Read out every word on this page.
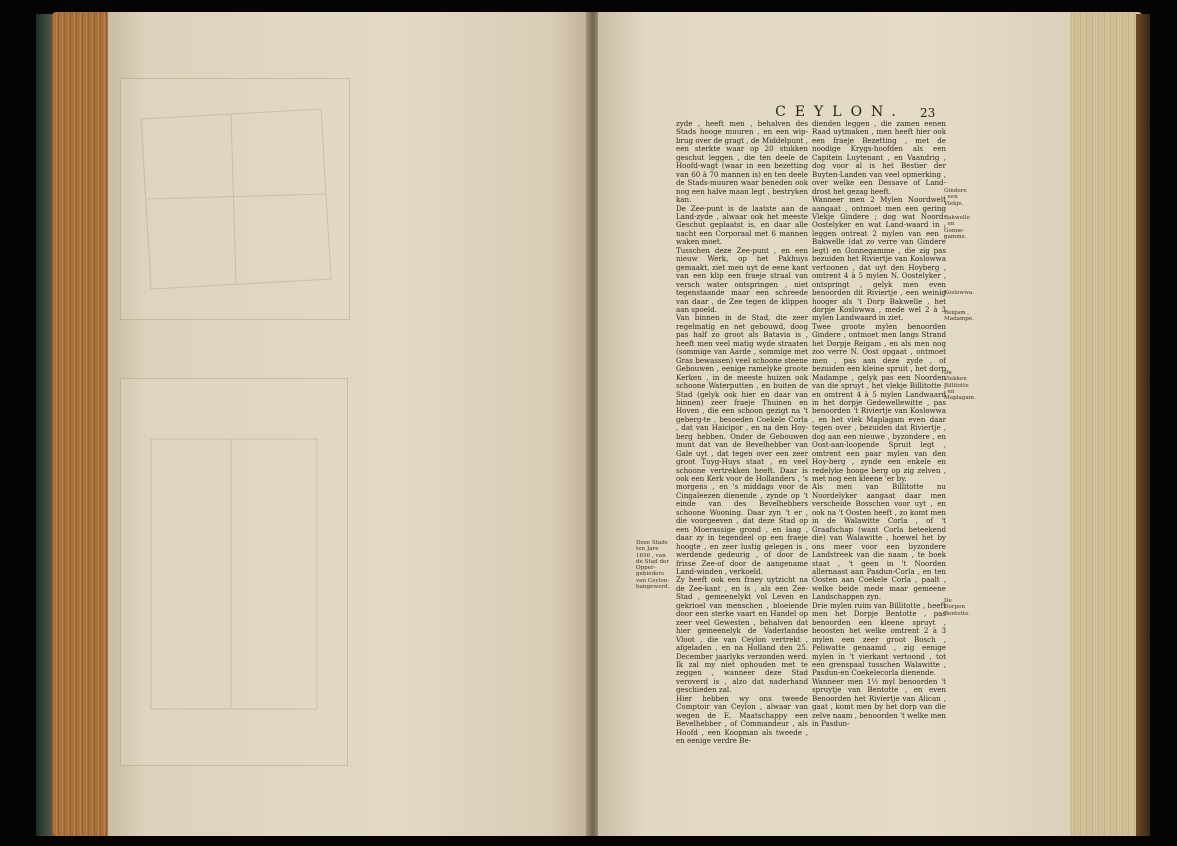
CEYLON.	23

zyde , heeft men , behalven des Stads hooge muuren , en een wip-brug over de gragt , de Middelpunt , een sterkte waar op 20 stukken geschut leggen , die ten deele de Hoofd-wagt (waar in een bezetting van 60 à 70 mannen is) en ten deele de Stads-muuren waar beneden ook nog een halve maan legt , bestryken kan.

De Zee-punt is de laatste aan de Land-zyde , alwaar ook het meeste Geschut geplaatst is, en daar alle nacht een Corporaal met 6 mannen waken moet.

Tusschen deze Zee-punt , en een nieuw Werk, op het Pakhuys gemaakt, ziet men uyt de eene kant van een klip een fraeje straal van versch water ontspringen , niet tegenstaande maar een schreede van daar , de Zee tegen de klippen aan spoeld.

Van binnen in de Stad, die zeer regelmatig en net gebouwd, doog pas half zo groot als Batavia is , heeft men veel matig wyde straaten (sommige van Aarde , sommige met Gras bewassen) veel schoone steene Gebouwen , eenige ramelyke groote Kerken , in de meeste huizen ook schoone Waterputten , en buiten de Stad (gelyk ook hier en daar van binnen) zeer fraeje Thuinen en Hoven , die een schoon gezigt na 't geberg-te , besoeden Coekele Corla , dat van Haicipor , en na den Hoy-berg hebben. Onder de Gebouwen munt dat van de Bevelhebber van Gale uyt , dat tegen over een zeer groot Tuyg-Huys staat , en veel schoone vertrekken heeft. Daar is ook een Kerk voor de Hollanders , 's morgens , en 's middags voor de Cingaleezen dienende , zynde op 't einde van des Bevelhebbers schoone Wooning. Daar zyn 't er , die voorgeeven , dat deze Stad op een Moerassige grond , en laag , daar zy in tegendeel op een fraeje hoogte , en zeer lustig gelegen is , werdende gedeurig , of door de frisse Zee-of door de aangename Land-winden , verkoeld.

Zy heeft ook een fraey uytzicht na de Zee-kant , en is , als een Zee-Stad , gemeenelykt vol Leven en gekrioel van menschen , bloeiende door een sterke vaart en Handel op zeer veel Gewesten , behalven dat hier gemeenelyk de Vaderlandse Vloot , die van Ceylon vertrekt , afgeladen , en na Holland den 25. December jaarlyks verzonden werd. Ik zal my niet ophouden met te zeggen , wanneer deze Stad veroverd is , alzo dat naderhand geschieden zal.

Hier hebben wy ons tweede Comptoir van Ceylon , alwaar van wegen de E. Maatschappy een Bevelhebber , of Commandeur , als Hoofd , een Koopman als tweede , en eenige verdre Be-

dienden leggen , die zamen eenen Raad uytmaken , men heeft hier ook een fraeje Bezetting , met de noodige Krygs-hoofden als een Capitein Luytenant , en Vaandrig , dog voor al is het Bestier der Buyten-Landen van veel opmerking , over welke een Dessave of Land-drost het gezag heeft.

Wanneer men 2 Mylen Noordwelt aangaat , ontmoet men een gering Vlekje Gindere ; dog wat Noord-Oostelyker en wat Land-waard in , leggen ontreat 2 mylen van een , Bakwelle (dat zo verre van Gindere legt) en Gonnegamme , die zig pas bezuiden het Riviertje van Koslowwa vertoonen , dat uyt den Hoyberg , omtrent 4 à 5 mylen N. Oostelyker , ontspringt , gelyk men even benoorden dit Riviertje , een weinig hooger als 't Dorp Bakwelle , het dorpje Koslowwa , mede wel 2 à 3 mylen Landwaard in ziet.

Twee groote mylen benoorden Gindere , ontmoet men langs Strand het Dorpje Reigam , en als men nog zoo verre N. Oost opgaat , ontmoet men , pas aan deze zyde , of bezuiden een kleine spruit , het dorp Madampe , gelyk pas een Noorden van die spruyt , het vlekje Billitotte , en omtrent 4 à 5 mylen Landwaard in het dorpje Gedewellewitte , pas benoorden 't Riviertje van Koslowwa , en het vlek Maplagam even daar tegen over , bezuiden dat Riviertje , dog aan een nieuwe , byzondere , en Oost-aan-loopende Spruit legt , omtrent een paar mylen van den Hoy-berg , zynde een enkele en redelyke hooge berg op zig zelven , met nog een kleene 'er by.

Als men van Billitotte nu Noordelyker aangaat daar men verscheide Bosschen voor uyt , en ook na 't Oosten heeft , zo komt men in de Walawitte Corla , of 't Graafschap (want Corla beteekend die) van Walawitte , hoewel het by ons meer voor een byzondere Landstreek van die naam , te boek staat , 't geen in 't Noorden allernaast aan Pasdun-Corla , en ten Oosten aan Coekele Corla , paalt , welke beide mede maar gemeene Landschappen zyn.

Drie mylen ruim van Billitotte , heeft men het Dorpje Bentotte , pas benoorden een kleene spruyt , beoosten het welke omtrent 2 à 3 mylen een zeer groot Bosch , Peliwatte genaamd , zig eenige mylen in 't vierkant vertoond , tot een grenspaal tusschen Walawitte , Pasdun-en Coekelecorla dienende.

Wanneer men 1½ myl benoorden 't spruytje van Bentotte , en even Benoorden het Riviertje van Alican , gaat , komt men by het dorp van die zelve naam , benoorden 't welke men in Pasdun-

Deze Stads ten Jare 1656 , van de Stad der Opper-gebieders van Ceylon-bangewerd.
Gindere ; een Vlekje.
Bakwelle , en Gonne-gamme.
Koslowwa.
Reigam , Madampe.
De Vlekken Billitotte , en Maplagam.
De Dorpen Bentotte.
